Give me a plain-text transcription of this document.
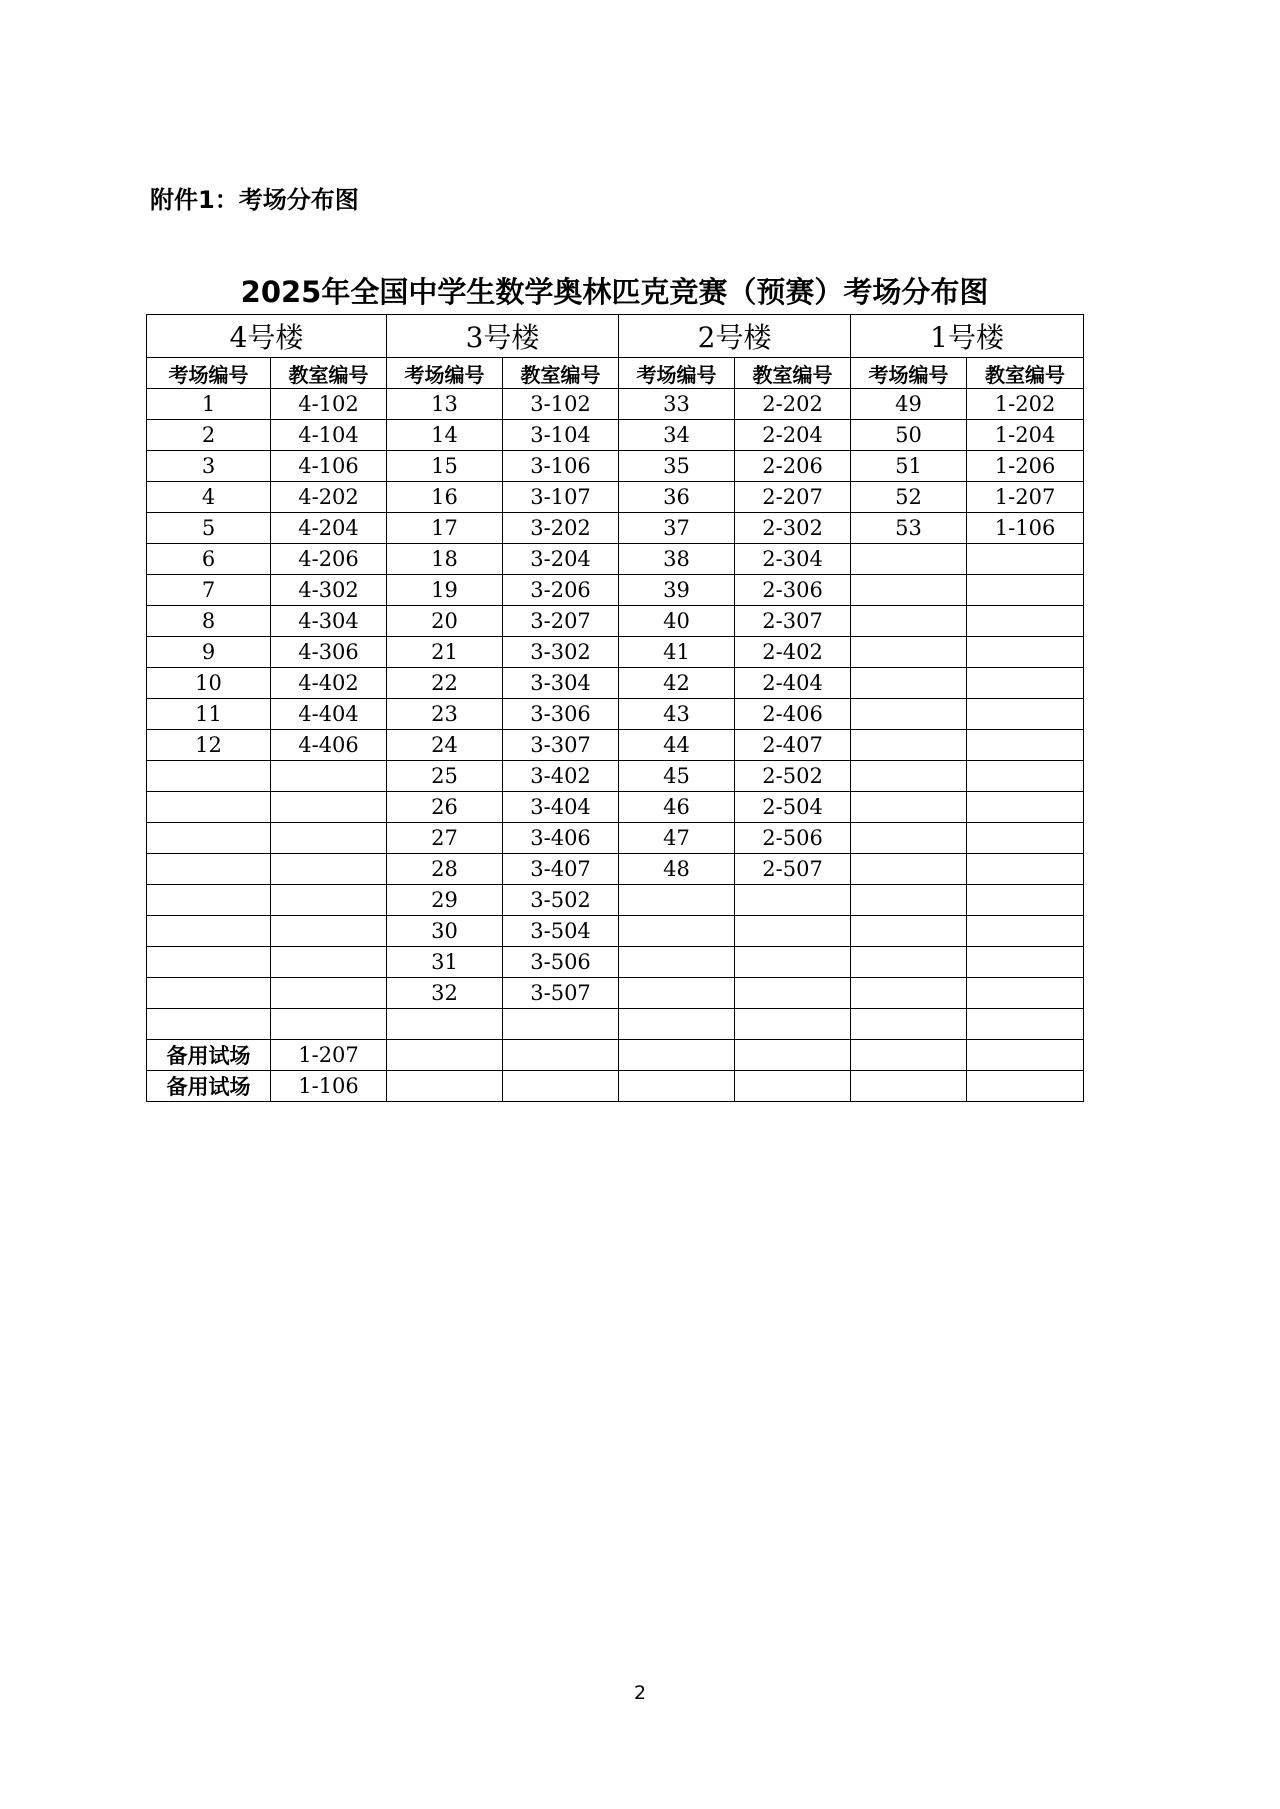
附件1：考场分布图

2025年全国中学生数学奥林匹克竞赛（预赛）考场分布图
4号楼		3号楼		2号楼		1号楼	
考场编号	教室编号	考场编号	教室编号	考场编号	教室编号	考场编号	教室编号
1	4-102	13	3-102	33	2-202	49	1-202
2	4-104	14	3-104	34	2-204	50	1-204
3	4-106	15	3-106	35	2-206	51	1-206
4	4-202	16	3-107	36	2-207	52	1-207
5	4-204	17	3-202	37	2-302	53	1-106
6	4-206	18	3-204	38	2-304		
7	4-302	19	3-206	39	2-306		
8	4-304	20	3-207	40	2-307		
9	4-306	21	3-302	41	2-402		
10	4-402	22	3-304	42	2-404		
11	4-404	23	3-306	43	2-406		
12	4-406	24	3-307	44	2-407		
		25	3-402	45	2-502		
		26	3-404	46	2-504		
		27	3-406	47	2-506		
		28	3-407	48	2-507		
		29	3-502				
		30	3-504				
		31	3-506				
		32	3-507				

备用试场	1-207						
备用试场	1-106						

2
